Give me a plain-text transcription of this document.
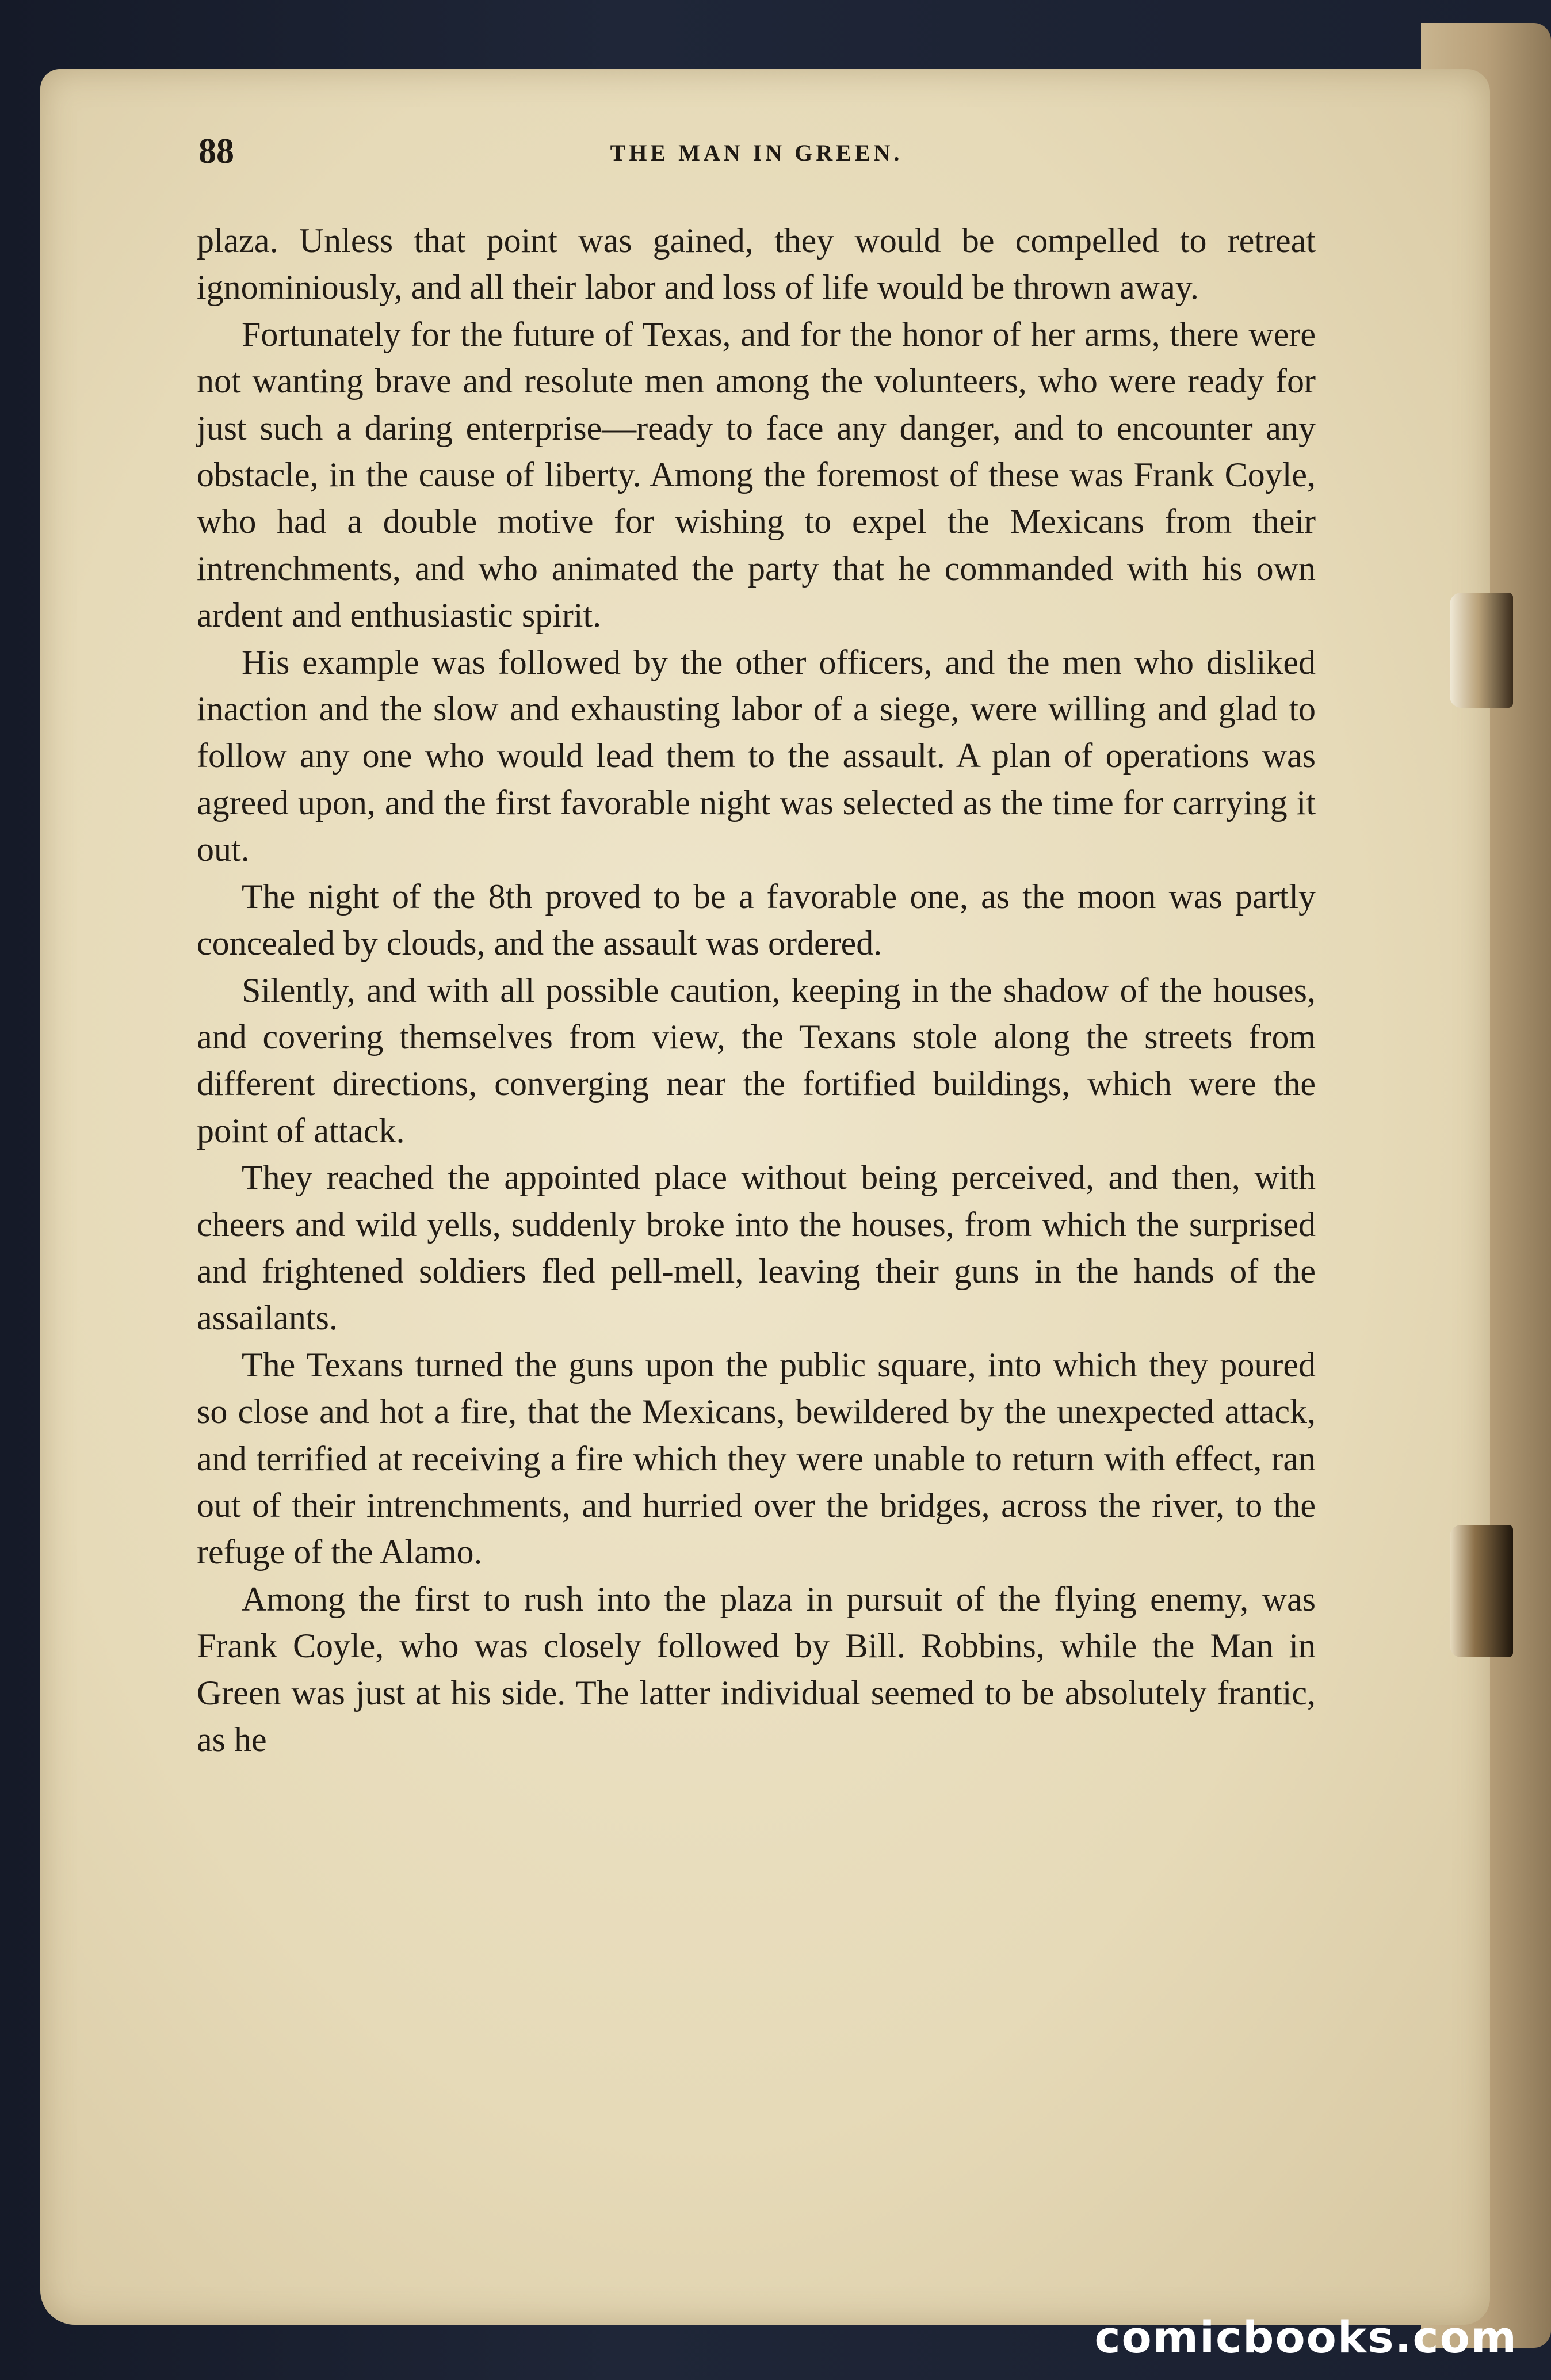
88	THE MAN IN GREEN.

plaza. Unless that point was gained, they would be compelled to retreat ignominiously, and all their labor and loss of life would be thrown away.

Fortunately for the future of Texas, and for the honor of her arms, there were not wanting brave and resolute men among the volunteers, who were ready for just such a daring enterprise—ready to face any danger, and to encounter any obstacle, in the cause of liberty. Among the foremost of these was Frank Coyle, who had a double motive for wishing to expel the Mexicans from their intrenchments, and who animated the party that he commanded with his own ardent and enthusiastic spirit.

His example was followed by the other officers, and the men who disliked inaction and the slow and exhausting labor of a siege, were willing and glad to follow any one who would lead them to the assault. A plan of operations was agreed upon, and the first favorable night was selected as the time for carrying it out.

The night of the 8th proved to be a favorable one, as the moon was partly concealed by clouds, and the assault was ordered.

Silently, and with all possible caution, keeping in the shadow of the houses, and covering themselves from view, the Texans stole along the streets from different directions, converging near the fortified buildings, which were the point of attack.

They reached the appointed place without being perceived, and then, with cheers and wild yells, suddenly broke into the houses, from which the surprised and frightened soldiers fled pell-mell, leaving their guns in the hands of the assailants.

The Texans turned the guns upon the public square, into which they poured so close and hot a fire, that the Mexicans, bewildered by the unexpected attack, and terrified at receiving a fire which they were unable to return with effect, ran out of their intrenchments, and hurried over the bridges, across the river, to the refuge of the Alamo.

Among the first to rush into the plaza in pursuit of the flying enemy, was Frank Coyle, who was closely followed by Bill. Robbins, while the Man in Green was just at his side. The latter individual seemed to be absolutely frantic, as he

comicbooks.com
